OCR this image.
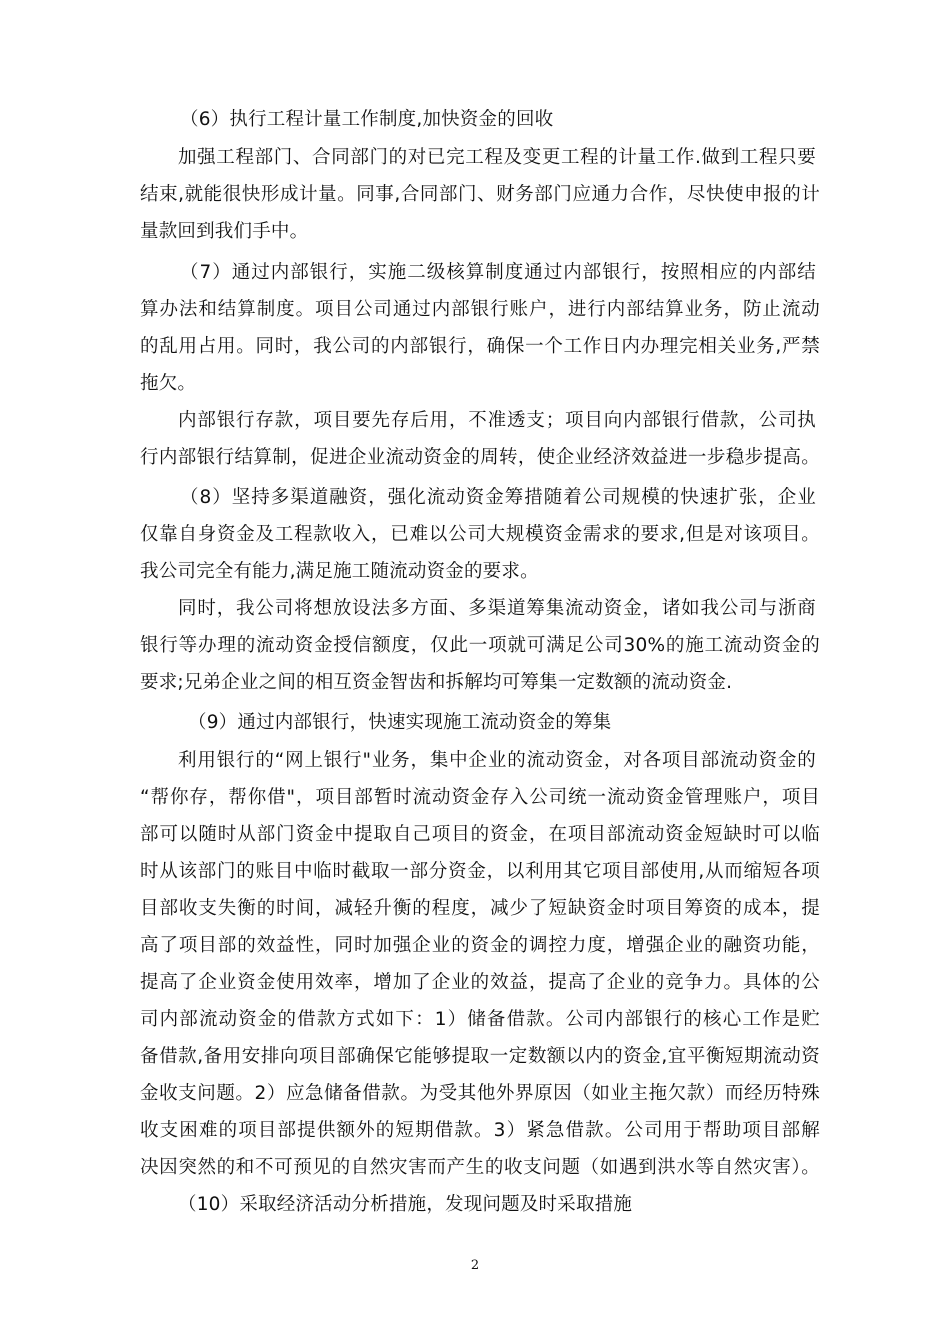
（6）执行工程计量工作制度,加快资金的回收
加强工程部门、合同部门的对已完工程及变更工程的计量工作.做到工程只要
结束,就能很快形成计量。同事,合同部门、财务部门应通力合作，尽快使申报的计
量款回到我们手中。
（7）通过内部银行，实施二级核算制度通过内部银行，按照相应的内部结
算办法和结算制度。项目公司通过内部银行账户，进行内部结算业务，防止流动
的乱用占用。同时，我公司的内部银行，确保一个工作日内办理完相关业务,严禁
拖欠。
内部银行存款，项目要先存后用，不准透支；项目向内部银行借款，公司执
行内部银行结算制，促进企业流动资金的周转，使企业经济效益进一步稳步提高。
（8）坚持多渠道融资，强化流动资金筹措随着公司规模的快速扩张，企业
仅靠自身资金及工程款收入，已难以公司大规模资金需求的要求,但是对该项目。
我公司完全有能力,满足施工随流动资金的要求。
同时，我公司将想放设法多方面、多渠道筹集流动资金，诸如我公司与浙商
银行等办理的流动资金授信额度，仅此一项就可满足公司30%的施工流动资金的
要求;兄弟企业之间的相互资金智齿和拆解均可筹集一定数额的流动资金.
（9）通过内部银行，快速实现施工流动资金的筹集
利用银行的“网上银行"业务，集中企业的流动资金，对各项目部流动资金的
“帮你存，帮你借"，项目部暂时流动资金存入公司统一流动资金管理账户，项目
部可以随时从部门资金中提取自己项目的资金，在项目部流动资金短缺时可以临
时从该部门的账目中临时截取一部分资金，以利用其它项目部使用,从而缩短各项
目部收支失衡的时间，减轻升衡的程度，减少了短缺资金时项目筹资的成本，提
高了项目部的效益性，同时加强企业的资金的调控力度，增强企业的融资功能，
提高了企业资金使用效率，增加了企业的效益，提高了企业的竞争力。具体的公
司内部流动资金的借款方式如下：1）储备借款。公司内部银行的核心工作是贮
备借款,备用安排向项目部确保它能够提取一定数额以内的资金,宜平衡短期流动资
金收支问题。2）应急储备借款。为受其他外界原因（如业主拖欠款）而经历特殊
收支困难的项目部提供额外的短期借款。3）紧急借款。公司用于帮助项目部解
决因突然的和不可预见的自然灾害而产生的收支问题（如遇到洪水等自然灾害）。
（10）采取经济活动分析措施，发现问题及时采取措施
2
